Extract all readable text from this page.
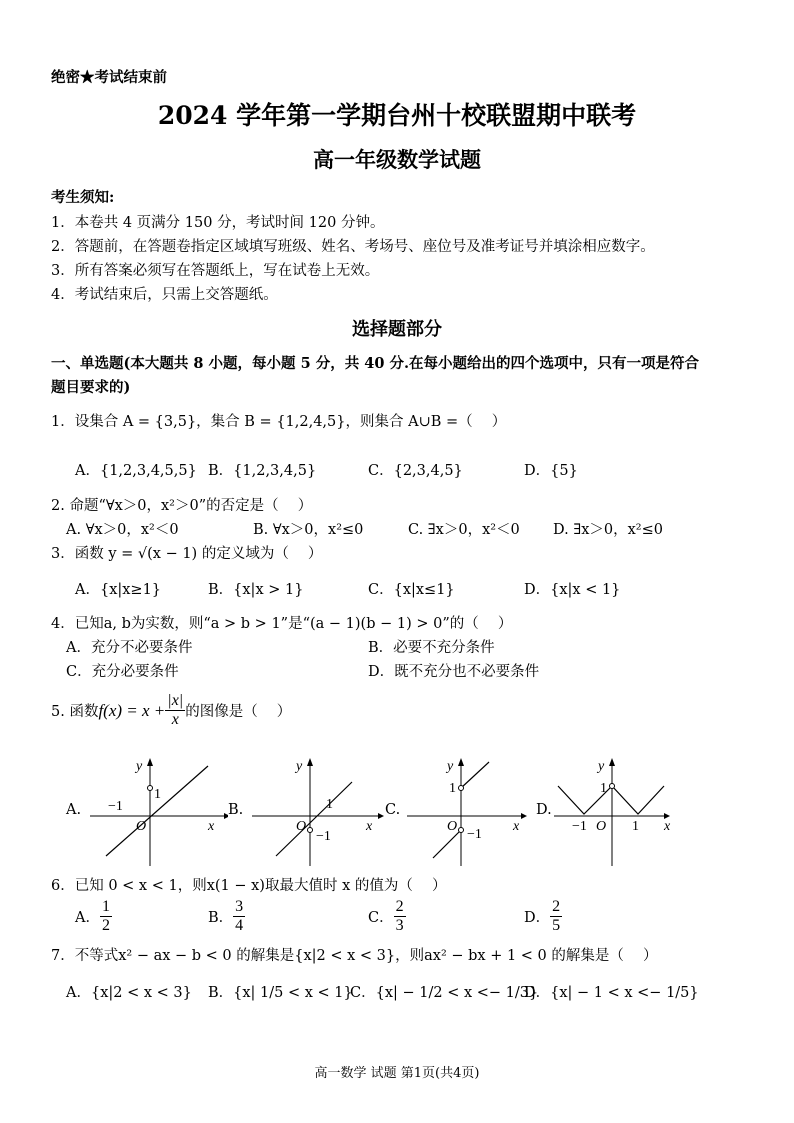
绝密★考试结束前
2024 学年第一学期台州十校联盟期中联考
高一年级数学试题
考生须知:
1．本卷共 4 页满分 150 分，考试时间 120 分钟。
2．答题前，在答题卷指定区域填写班级、姓名、考场号、座位号及准考证号并填涂相应数字。
3．所有答案必须写在答题纸上，写在试卷上无效。
4．考试结束后，只需上交答题纸。
选择题部分
一、单选题(本大题共 8 小题，每小题 5 分，共 40 分.在每小题给出的四个选项中，只有一项是符合
题目要求的)
1．设集合 A = {3,5}，集合 B = {1,2,4,5}，则集合 A∪B =（　 ）
A．{1,2,3,4,5,5} B．{1,2,3,4,5}	C．{2,3,4,5}	D．{5}
2. 命题“∀x＞0，x²＞0”的否定是（　 ）
A. ∀x＞0，x²＜0	B. ∀x＞0，x²≤0	C. ∃x＞0，x²＜0 D. ∃x＞0，x²≤0
3．函数 y = √(x − 1) 的定义域为（　 ）
A．{x|x≥1}	B．{x|x > 1}	C．{x|x≤1}	D．{x|x < 1}
4．已知a, b为实数，则“a > b > 1”是“(a − 1)(b − 1) > 0”的（　 ）
A．充分不必要条件	B．必要不充分条件
C．充分必要条件	D．既不充分也不必要条件
5. 函数 $f(x) = x + \frac{|x|}{x}$ 的图像是（　 ）
A.
y
x
O
−1
1
B.
y
x
O
1
−1
C.
y
x
O
1
−1
D.
y
x
O
1
−1	1
6．已知 0 < x < 1，则x(1 − x)取最大值时 x 的值为（　 ）
A． $\frac{1}{2}$	B． $\frac{3}{4}$	C． $\frac{2}{3}$	D． $\frac{2}{5}$
7．不等式x² − ax − b < 0 的解集是{x|2 < x < 3}，则ax² − bx + 1 < 0 的解集是（　 ）
A．{x|2 < x < 3} B．{x| 1/5 < x < 1}
C．{x| − 1/2 < x <− 1/3}
D．{x| − 1 < x <− 1/5}
高一数学 试题 第1页(共4页)
